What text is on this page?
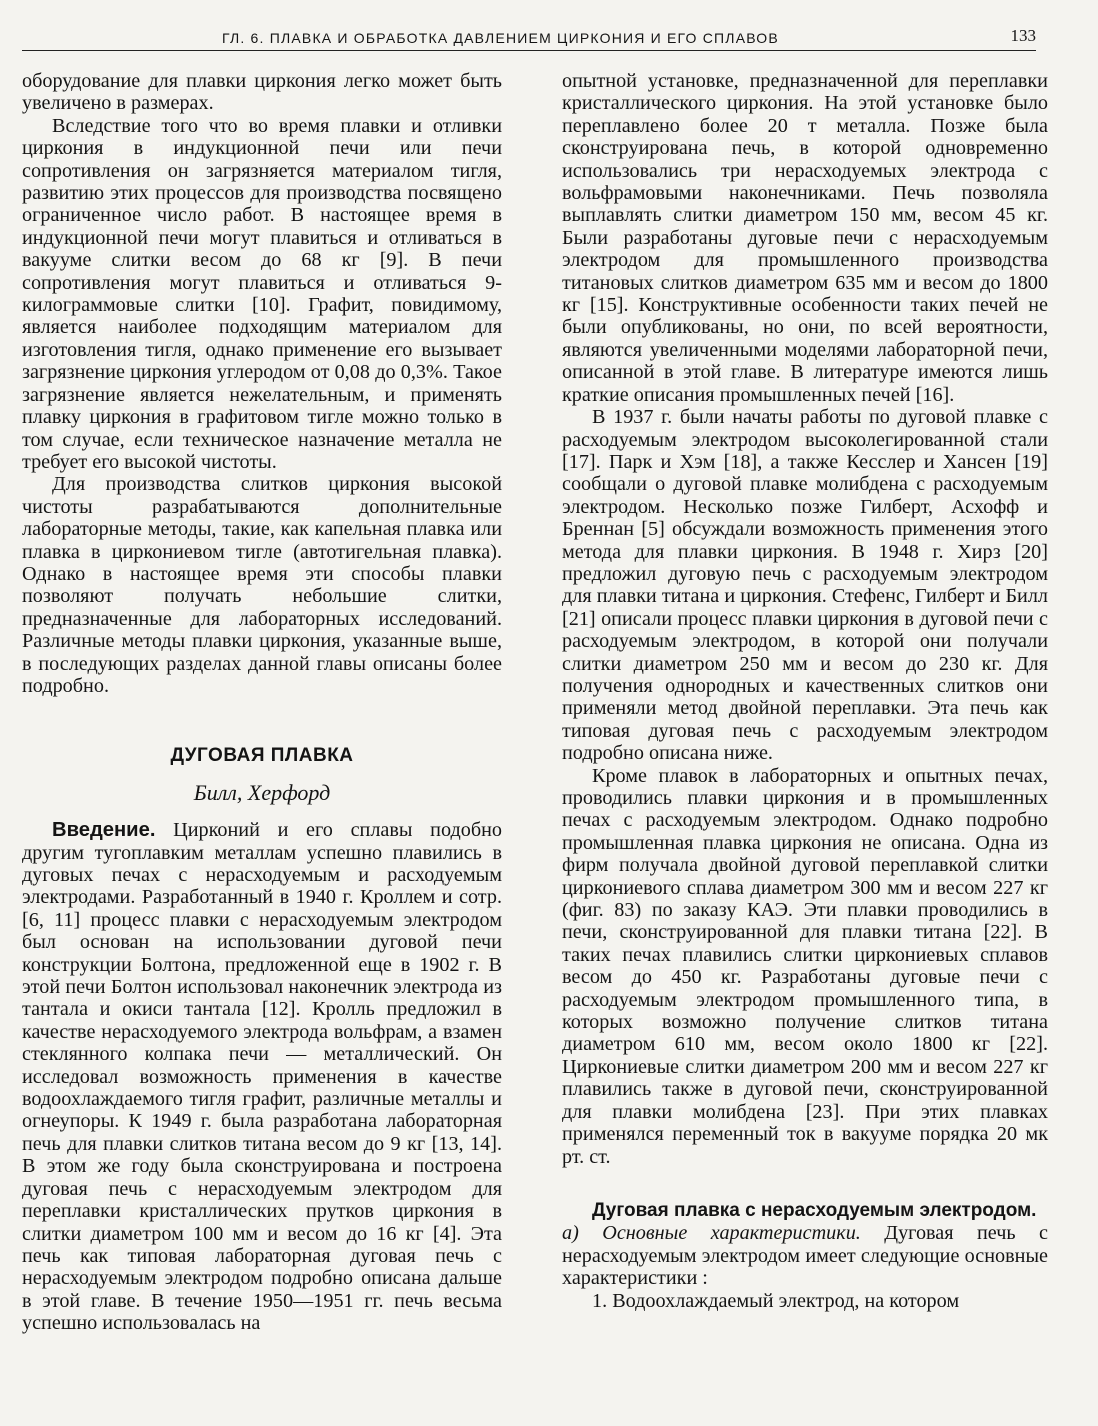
ГЛ. 6. ПЛАВКА И ОБРАБОТКА ДАВЛЕНИЕМ ЦИРКОНИЯ И ЕГО СПЛАВОВ	133

оборудование для плавки циркония легко может быть увеличено в размерах.

Вследствие того что во время плавки и отливки циркония в индукционной печи или печи сопротивления он загрязняется материалом тигля, развитию этих процессов для производства посвящено ограниченное число работ. В настоящее время в индукционной печи могут плавиться и отливаться в вакууме слитки весом до 68 кг [9]. В печи сопротивления могут плавиться и отливаться 9-килограммовые слитки [10]. Графит, повидимому, является наиболее подходящим материалом для изготовления тигля, однако применение его вызывает загрязнение циркония углеродом от 0,08 до 0,3%. Такое загрязнение является нежелательным, и применять плавку циркония в графитовом тигле можно только в том случае, если техническое назначение металла не требует его высокой чистоты.

Для производства слитков циркония высокой чистоты разрабатываются дополнительные лабораторные методы, такие, как капельная плавка или плавка в циркониевом тигле (автотигельная плавка). Однако в настоящее время эти способы плавки позволяют получать небольшие слитки, предназначенные для лабораторных исследований. Различные методы плавки циркония, указанные выше, в последующих разделах данной главы описаны более подробно.

ДУГОВАЯ ПЛАВКА
Билл, Херфорд

Введение. Цирконий и его сплавы подобно другим тугоплавким металлам успешно плавились в дуговых печах с нерасходуемым и расходуемым электродами. Разработанный в 1940 г. Кроллем и сотр. [6, 11] процесс плавки с нерасходуемым электродом был основан на использовании дуговой печи конструкции Болтона, предложенной еще в 1902 г. В этой печи Болтон использовал наконечник электрода из тантала и окиси тантала [12]. Кролль предложил в качестве нерасходуемого электрода вольфрам, а взамен стеклянного колпака печи — металлический. Он исследовал возможность применения в качестве водоохлаждаемого тигля графит, различные металлы и огнеупоры. К 1949 г. была разработана лабораторная печь для плавки слитков титана весом до 9 кг [13, 14]. В этом же году была сконструирована и построена дуговая печь с нерасходуемым электродом для переплавки кристаллических прутков циркония в слитки диаметром 100 мм и весом до 16 кг [4]. Эта печь как типовая лабораторная дуговая печь с нерасходуемым электродом подробно описана дальше в этой главе. В течение 1950—1951 гг. печь весьма успешно использовалась на

опытной установке, предназначенной для переплавки кристаллического циркония. На этой установке было переплавлено более 20 т металла. Позже была сконструирована печь, в которой одновременно использовались три нерасходуемых электрода с вольфрамовыми наконечниками. Печь позволяла выплавлять слитки диаметром 150 мм, весом 45 кг. Были разработаны дуговые печи с нерасходуемым электродом для промышленного производства титановых слитков диаметром 635 мм и весом до 1800 кг [15]. Конструктивные особенности таких печей не были опубликованы, но они, по всей вероятности, являются увеличенными моделями лабораторной печи, описанной в этой главе. В литературе имеются лишь краткие описания промышленных печей [16].

В 1937 г. были начаты работы по дуговой плавке с расходуемым электродом высоколегированной стали [17]. Парк и Хэм [18], а также Кесслер и Хансен [19] сообщали о дуговой плавке молибдена с расходуемым электродом. Несколько позже Гилберт, Асхофф и Бреннан [5] обсуждали возможность применения этого метода для плавки циркония. В 1948 г. Хирз [20] предложил дуговую печь с расходуемым электродом для плавки титана и циркония. Стефенс, Гилберт и Билл [21] описали процесс плавки циркония в дуговой печи с расходуемым электродом, в которой они получали слитки диаметром 250 мм и весом до 230 кг. Для получения однородных и качественных слитков они применяли метод двойной переплавки. Эта печь как типовая дуговая печь с расходуемым электродом подробно описана ниже.

Кроме плавок в лабораторных и опытных печах, проводились плавки циркония и в промышленных печах с расходуемым электродом. Однако подробно промышленная плавка циркония не описана. Одна из фирм получала двойной дуговой переплавкой слитки циркониевого сплава диаметром 300 мм и весом 227 кг (фиг. 83) по заказу КАЭ. Эти плавки проводились в печи, сконструированной для плавки титана [22]. В таких печах плавились слитки циркониевых сплавов весом до 450 кг. Разработаны дуговые печи с расходуемым электродом промышленного типа, в которых возможно получение слитков титана диаметром 610 мм, весом около 1800 кг [22]. Циркониевые слитки диаметром 200 мм и весом 227 кг плавились также в дуговой печи, сконструированной для плавки молибдена [23]. При этих плавках применялся переменный ток в вакууме порядка 20 мк рт. ст.

Дуговая плавка с нерасходуемым электродом.

а) Основные характеристики. Дуговая печь с нерасходуемым электродом имеет следующие основные характеристики :

1. Водоохлаждаемый электрод, на котором
